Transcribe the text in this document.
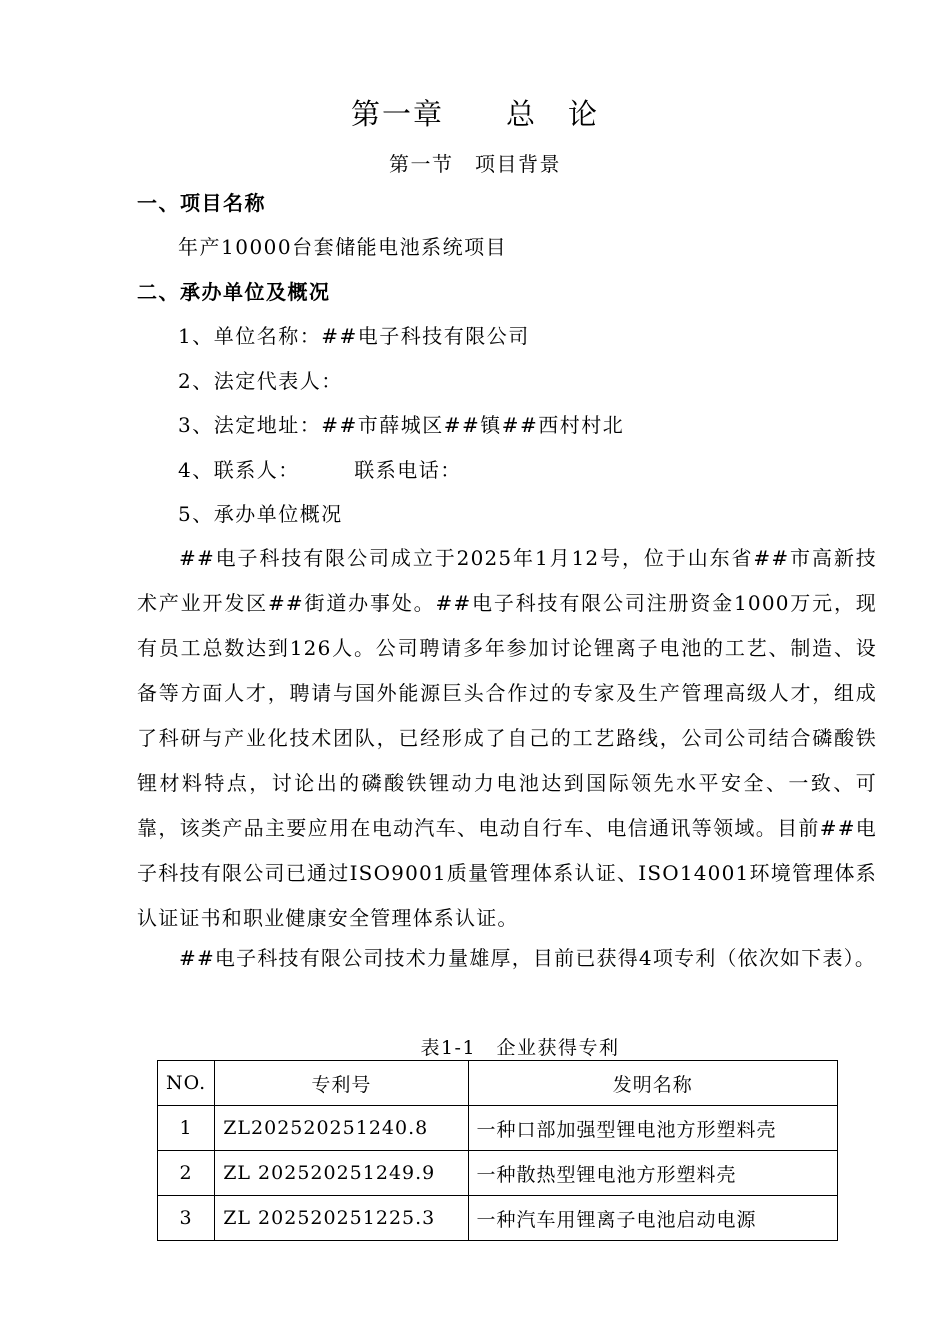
第一章　　总　论
第一节　项目背景
一、项目名称
年产10000台套储能电池系统项目
二、承办单位及概况
1、单位名称：##电子科技有限公司
2、法定代表人：
3、法定地址：##市薛城区##镇##西村村北
4、联系人：　　　联系电话：
5、承办单位概况
##电子科技有限公司成立于2025年1月12号，位于山东省##市高新技术产业开发区##街道办事处。##电子科技有限公司注册资金1000万元，现有员工总数达到126人。公司聘请多年参加讨论锂离子电池的工艺、制造、设备等方面人才，聘请与国外能源巨头合作过的专家及生产管理高级人才，组成了科研与产业化技术团队，已经形成了自己的工艺路线，公司公司结合磷酸铁锂材料特点，讨论出的磷酸铁锂动力电池达到国际领先水平安全、一致、可靠，该类产品主要应用在电动汽车、电动自行车、电信通讯等领域。目前##电子科技有限公司已通过ISO9001质量管理体系认证、ISO14001环境管理体系认证证书和职业健康安全管理体系认证。
##电子科技有限公司技术力量雄厚，目前已获得4项专利（依次如下表）。
表1-1　企业获得专利
NO.	专利号	发明名称
1	ZL202520251240.8	一种口部加强型锂电池方形塑料壳
2	ZL 202520251249.9	一种散热型锂电池方形塑料壳
3	ZL 202520251225.3	一种汽车用锂离子电池启动电源
